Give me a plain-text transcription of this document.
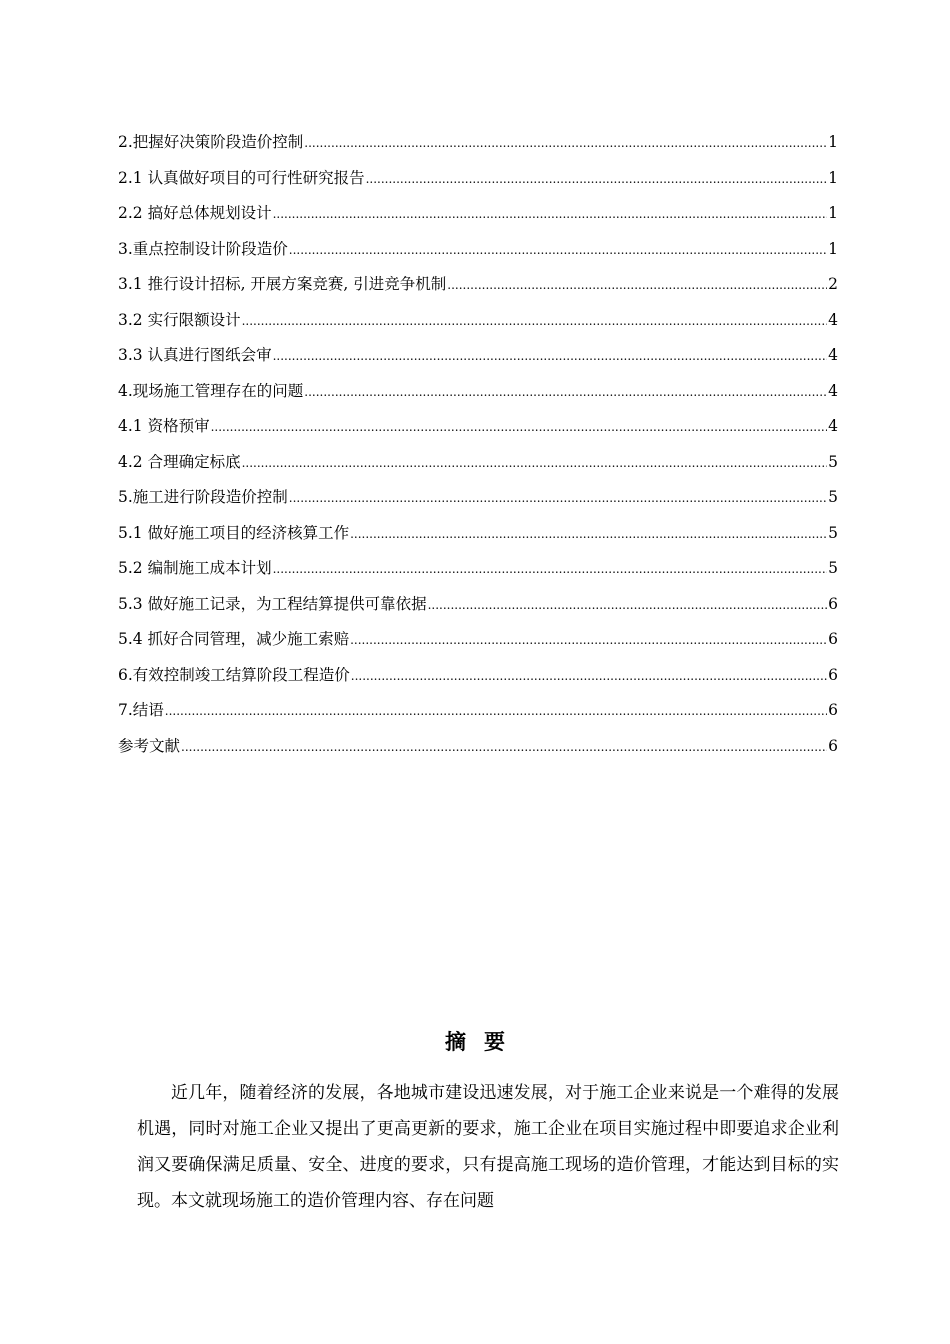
2.把握好决策阶段造价控制 .....	1
2.1 认真做好项目的可行性研究报告 .....	1
2.2 搞好总体规划设计 .....	1
3.重点控制设计阶段造价 .....	1
3.1 推行设计招标, 开展方案竞赛, 引进竞争机制 .....	2
3.2 实行限额设计 .....	4
3.3 认真进行图纸会审 .....	4
4.现场施工管理存在的问题 .....	4
4.1 资格预审 .....	4
4.2 合理确定标底 .....	5
5.施工进行阶段造价控制 .....	5
5.1 做好施工项目的经济核算工作 .....	5
5.2 编制施工成本计划 .....	5
5.3 做好施工记录，为工程结算提供可靠依据 .....	6
5.4 抓好合同管理，减少施工索赔 .....	6
6.有效控制竣工结算阶段工程造价 .....	6
7.结语 .....	6
参考文献 .....	6
摘要
近几年，随着经济的发展，各地城市建设迅速发展，对于施工企业来说是一个难得的发展机遇，同时对施工企业又提出了更高更新的要求，施工企业在项目实施过程中即要追求企业利润又要确保满足质量、安全、进度的要求，只有提高施工现场的造价管理，才能达到目标的实现。本文就现场施工的造价管理内容、存在问题
